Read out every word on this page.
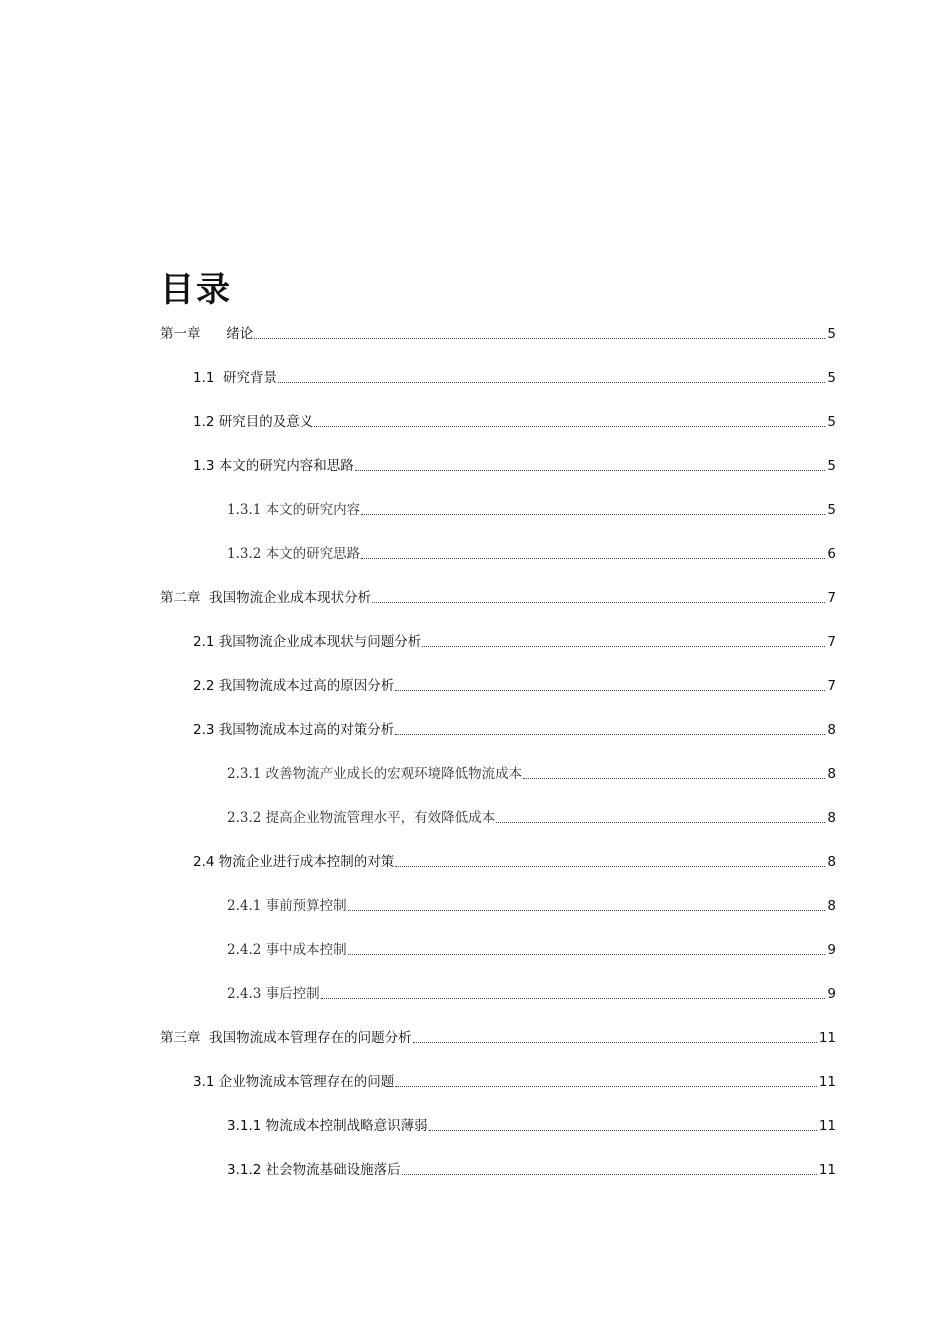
目录
第一章      绪论	5
1.1  研究背景	5
1.2 研究目的及意义	5
1.3 本文的研究内容和思路	5
1.3.1 本文的研究内容	5
1.3.2 本文的研究思路	6
第二章  我国物流企业成本现状分析	7
2.1 我国物流企业成本现状与问题分析	7
2.2 我国物流成本过高的原因分析	7
2.3 我国物流成本过高的对策分析	8
2.3.1 改善物流产业成长的宏观环境降低物流成本	8
2.3.2 提高企业物流管理水平，有效降低成本	8
2.4 物流企业进行成本控制的对策	8
2.4.1 事前预算控制	8
2.4.2 事中成本控制	9
2.4.3 事后控制	9
第三章  我国物流成本管理存在的问题分析	11
3.1 企业物流成本管理存在的问题	11
3.1.1 物流成本控制战略意识薄弱	11
3.1.2 社会物流基础设施落后	11
